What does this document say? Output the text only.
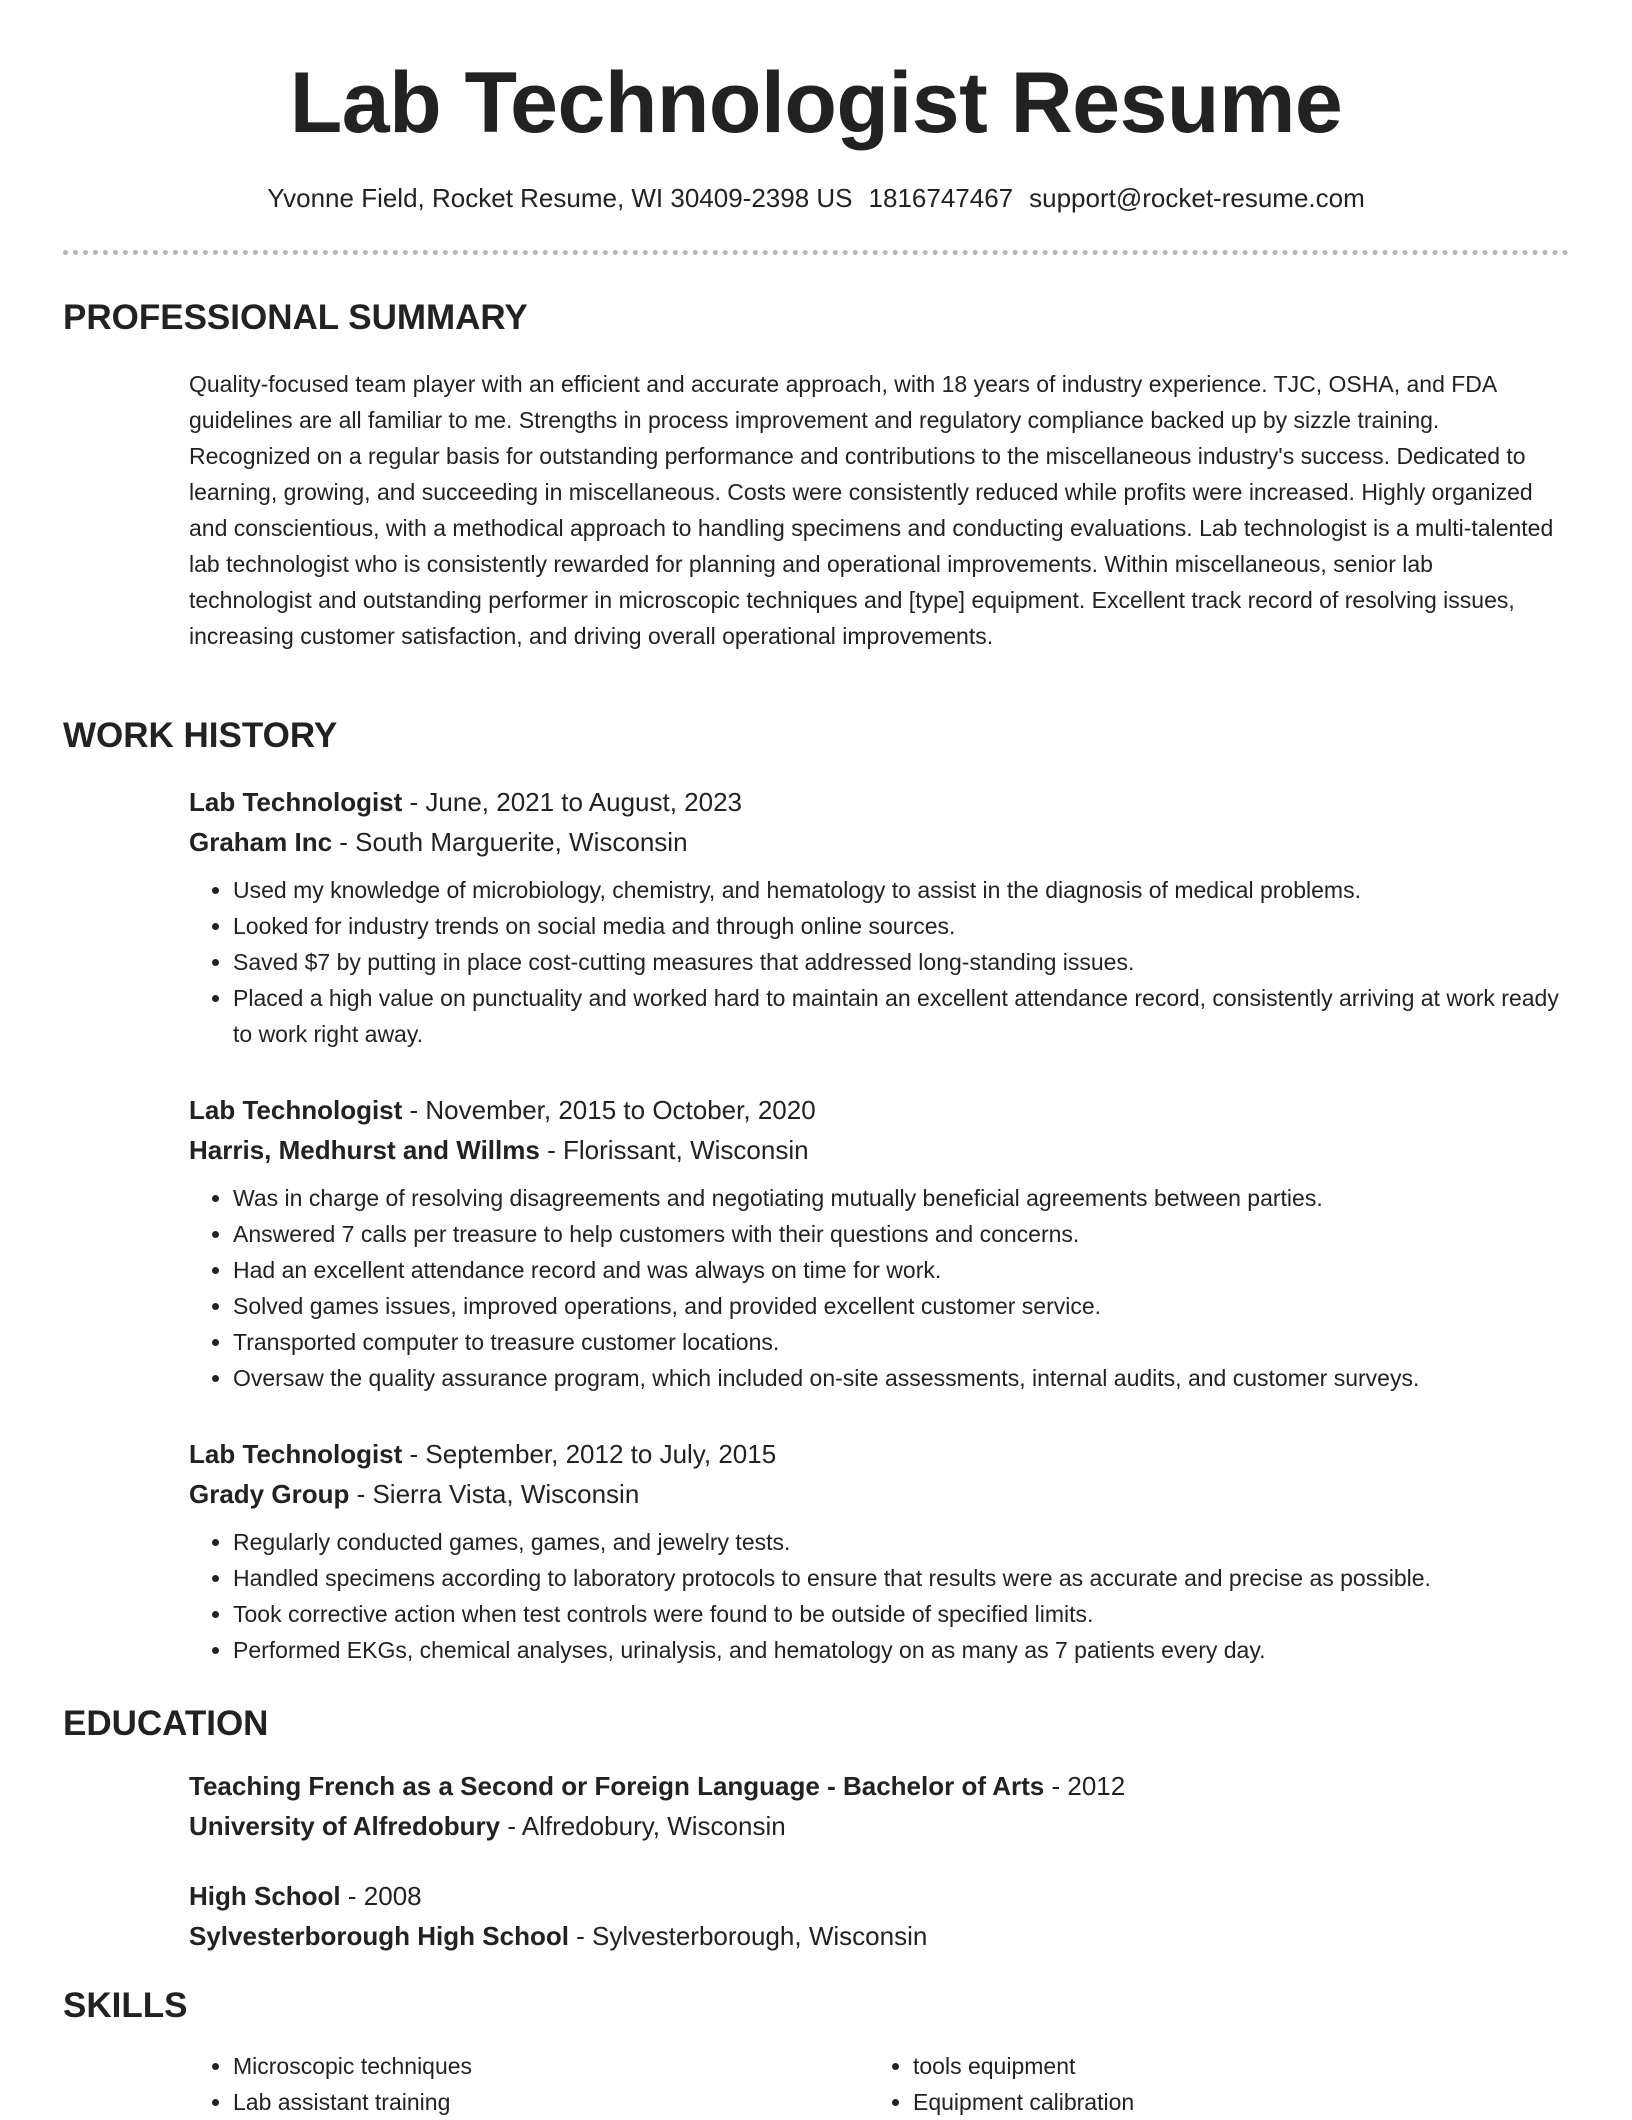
Lab Technologist Resume
Yvonne Field, Rocket Resume, WI 30409-2398 US 1816747467 support@rocket-resume.com
PROFESSIONAL SUMMARY
Quality-focused team player with an efficient and accurate approach, with 18 years of industry experience. TJC, OSHA, and FDA guidelines are all familiar to me. Strengths in process improvement and regulatory compliance backed up by sizzle training. Recognized on a regular basis for outstanding performance and contributions to the miscellaneous industry's success. Dedicated to learning, growing, and succeeding in miscellaneous. Costs were consistently reduced while profits were increased. Highly organized and conscientious, with a methodical approach to handling specimens and conducting evaluations. Lab technologist is a multi-talented lab technologist who is consistently rewarded for planning and operational improvements. Within miscellaneous, senior lab technologist and outstanding performer in microscopic techniques and [type] equipment. Excellent track record of resolving issues, increasing customer satisfaction, and driving overall operational improvements.
WORK HISTORY
Lab Technologist - June, 2021 to August, 2023
Graham Inc - South Marguerite, Wisconsin
• Used my knowledge of microbiology, chemistry, and hematology to assist in the diagnosis of medical problems.
• Looked for industry trends on social media and through online sources.
• Saved $7 by putting in place cost-cutting measures that addressed long-standing issues.
• Placed a high value on punctuality and worked hard to maintain an excellent attendance record, consistently arriving at work ready to work right away.
Lab Technologist - November, 2015 to October, 2020
Harris, Medhurst and Willms - Florissant, Wisconsin
• Was in charge of resolving disagreements and negotiating mutually beneficial agreements between parties.
• Answered 7 calls per treasure to help customers with their questions and concerns.
• Had an excellent attendance record and was always on time for work.
• Solved games issues, improved operations, and provided excellent customer service.
• Transported computer to treasure customer locations.
• Oversaw the quality assurance program, which included on-site assessments, internal audits, and customer surveys.
Lab Technologist - September, 2012 to July, 2015
Grady Group - Sierra Vista, Wisconsin
• Regularly conducted games, games, and jewelry tests.
• Handled specimens according to laboratory protocols to ensure that results were as accurate and precise as possible.
• Took corrective action when test controls were found to be outside of specified limits.
• Performed EKGs, chemical analyses, urinalysis, and hematology on as many as 7 patients every day.
EDUCATION
Teaching French as a Second or Foreign Language - Bachelor of Arts - 2012
University of Alfredobury - Alfredobury, Wisconsin
High School - 2008
Sylvesterborough High School - Sylvesterborough, Wisconsin
SKILLS
• Microscopic techniques
• Lab assistant training
• tools equipment
• Equipment calibration
